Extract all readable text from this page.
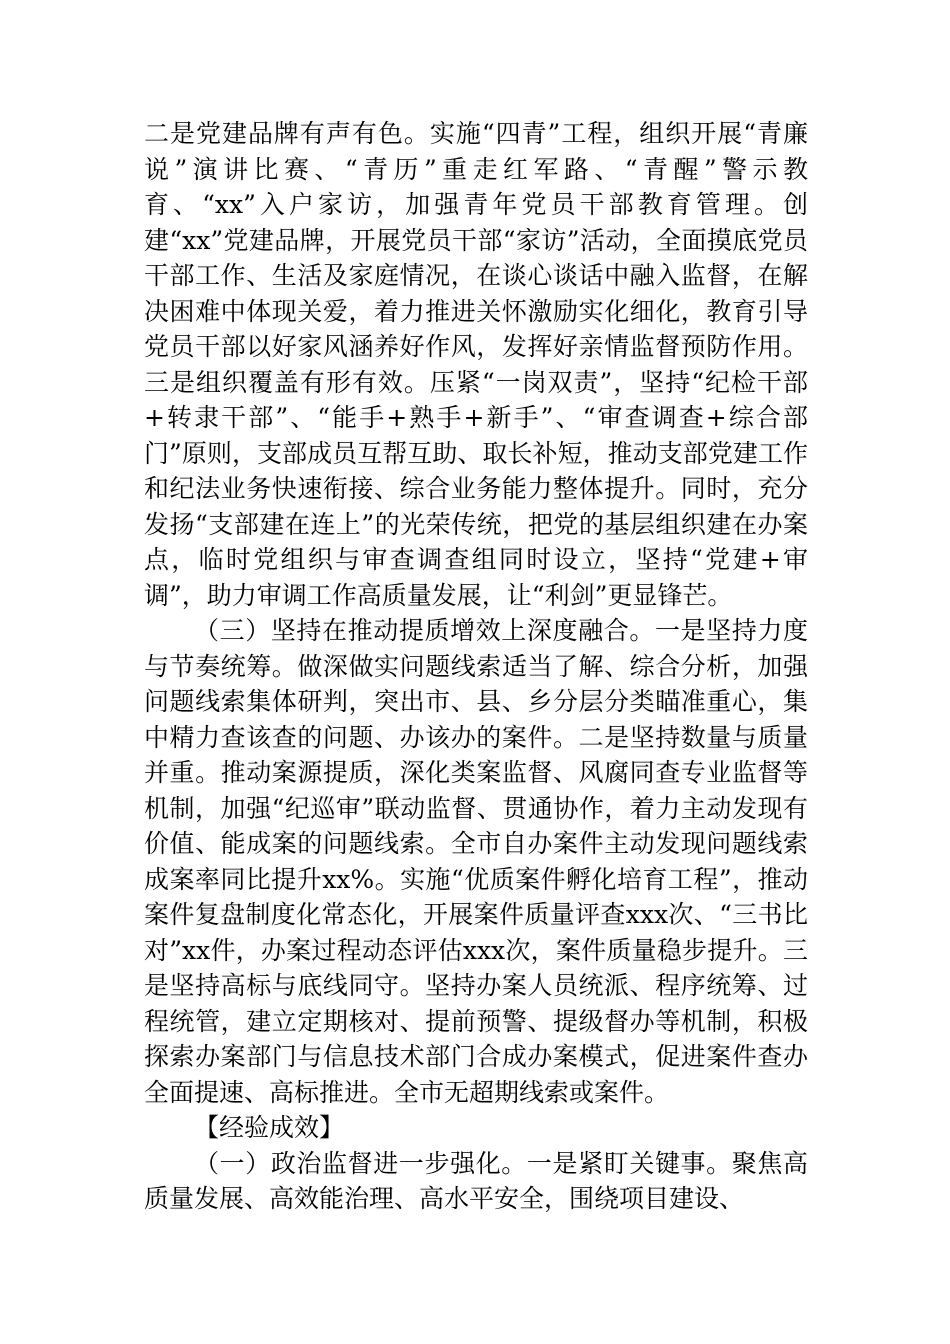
二是党建品牌有声有色。实施“四青”工程，组织开展“青廉说”演讲比赛、“青历”重走红军路、“青醒”警示教育、“xx”入户家访，加强青年党员干部教育管理。创建“xx”党建品牌，开展党员干部“家访”活动，全面摸底党员干部工作、生活及家庭情况，在谈心谈话中融入监督，在解决困难中体现关爱，着力推进关怀激励实化细化，教育引导党员干部以好家风涵养好作风，发挥好亲情监督预防作用。三是组织覆盖有形有效。压紧“一岗双责”，坚持“纪检干部+转隶干部”、“能手+熟手+新手”、“审查调查+综合部门”原则，支部成员互帮互助、取长补短，推动支部党建工作和纪法业务快速衔接、综合业务能力整体提升。同时，充分发扬“支部建在连上”的光荣传统，把党的基层组织建在办案点，临时党组织与审查调查组同时设立，坚持“党建+审调”，助力审调工作高质量发展，让“利剑”更显锋芒。

（三）坚持在推动提质增效上深度融合。一是坚持力度与节奏统筹。做深做实问题线索适当了解、综合分析，加强问题线索集体研判，突出市、县、乡分层分类瞄准重心，集中精力查该查的问题、办该办的案件。二是坚持数量与质量并重。推动案源提质，深化类案监督、风腐同查专业监督等机制，加强“纪巡审”联动监督、贯通协作，着力主动发现有价值、能成案的问题线索。全市自办案件主动发现问题线索成案率同比提升xx%。实施“优质案件孵化培育工程”，推动案件复盘制度化常态化，开展案件质量评查xxx次、“三书比对”xx件，办案过程动态评估xxx次，案件质量稳步提升。三是坚持高标与底线同守。坚持办案人员统派、程序统筹、过程统管，建立定期核对、提前预警、提级督办等机制，积极探索办案部门与信息技术部门合成办案模式，促进案件查办全面提速、高标推进。全市无超期线索或案件。

【经验成效】

（一）政治监督进一步强化。一是紧盯关键事。聚焦高质量发展、高效能治理、高水平安全，围绕项目建设、
